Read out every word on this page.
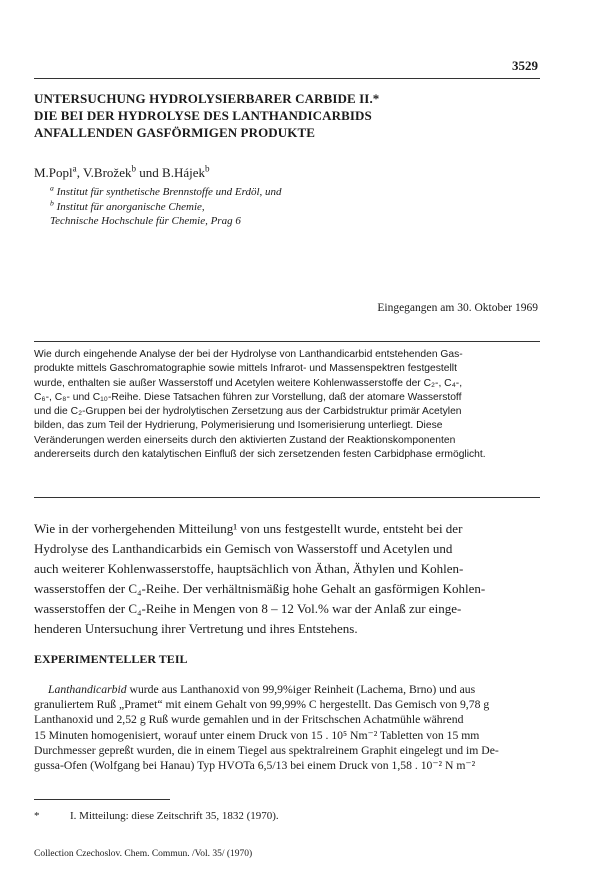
3529
UNTERSUCHUNG HYDROLYSIERBARER CARBIDE II.*
DIE BEI DER HYDROLYSE DES LANTHANDICARBIDS
ANFALLENDEN GASFÖRMIGEN PRODUKTE
M.Popl$^a$, V.Brožek$^b$ und B.Hájek$^b$
$^a$ Institut für synthetische Brennstoffe und Erdöl, und
$^b$ Institut für anorganische Chemie,
Technische Hochschule für Chemie, Prag 6
Eingegangen am 30. Oktober 1969
Wie durch eingehende Analyse der bei der Hydrolyse von Lanthandicarbid entstehenden Gas-
produkte mittels Gaschromatographie sowie mittels Infrarot- und Massenspektren festgestellt
wurde, enthalten sie außer Wasserstoff und Acetylen weitere Kohlenwasserstoffe der C₂-, C₄-,
C₆-, C₈- und C₁₀-Reihe. Diese Tatsachen führen zur Vorstellung, daß der atomare Wasserstoff
und die C₂-Gruppen bei der hydrolytischen Zersetzung aus der Carbidstruktur primär Acetylen
bilden, das zum Teil der Hydrierung, Polymerisierung und Isomerisierung unterliegt. Diese
Veränderungen werden einerseits durch den aktivierten Zustand der Reaktionskomponenten
andererseits durch den katalytischen Einfluß der sich zersetzenden festen Carbidphase ermöglicht.
Wie in der vorhergehenden Mitteilung¹ von uns festgestellt wurde, entsteht bei der
Hydrolyse des Lanthandicarbids ein Gemisch von Wasserstoff und Acetylen und
auch weiterer Kohlenwasserstoffe, hauptsächlich von Äthan, Äthylen und Kohlen-
wasserstoffen der C₄-Reihe. Der verhältnismäßig hohe Gehalt an gasförmigen Kohlen-
wasserstoffen der C₄-Reihe in Mengen von 8 – 12 Vol.% war der Anlaß zur einge-
henderen Untersuchung ihrer Vertretung und ihres Entstehens.
EXPERIMENTELLER TEIL
Lanthandicarbid wurde aus Lanthanoxid von 99,9%iger Reinheit (Lachema, Brno) und aus
granuliertem Ruß „Pramet“ mit einem Gehalt von 99,99% C hergestellt. Das Gemisch von 9,78 g
Lanthanoxid und 2,52 g Ruß wurde gemahlen und in der Fritschschen Achatmühle während
15 Minuten homogenisiert, worauf unter einem Druck von 15 . 10⁵ Nm⁻² Tabletten von 15 mm
Durchmesser gepreßt wurden, die in einem Tiegel aus spektralreinem Graphit eingelegt und im De-
gussa-Ofen (Wolfgang bei Hanau) Typ HVOTa 6,5/13 bei einem Druck von 1,58 . 10⁻² N m⁻²
*	I. Mitteilung: diese Zeitschrift 35, 1832 (1970).
Collection Czechoslov. Chem. Commun. /Vol. 35/ (1970)
